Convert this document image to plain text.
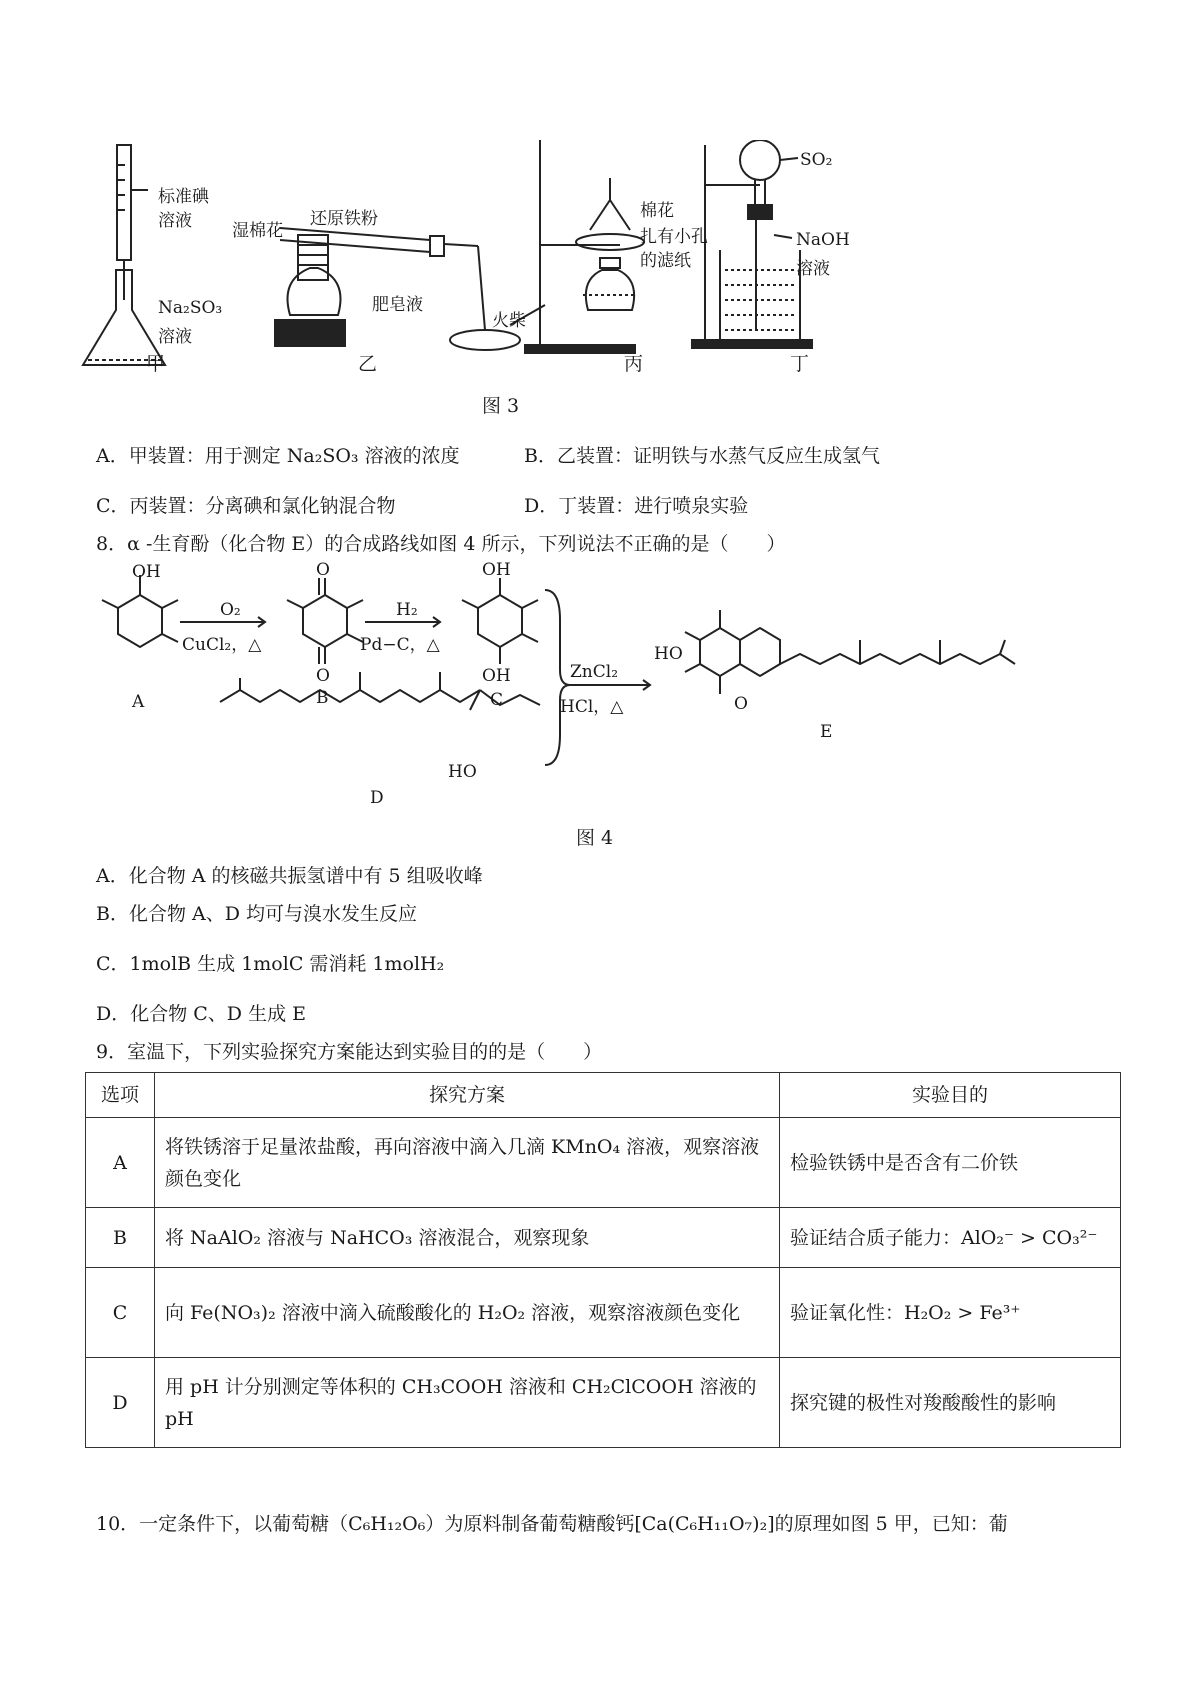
标准碘
溶液
Na₂SO₃
溶液
甲
湿棉花
还原铁粉
肥皂液
火柴
乙
棉花
扎有小孔
的滤纸
丙
SO₂
NaOH
溶液
丁
图 3
A．甲装置：用于测定 Na₂SO₃ 溶液的浓度	B．乙装置：证明铁与水蒸气反应生成氢气
C．丙装置：分离碘和氯化钠混合物	D．丁装置：进行喷泉实验
8．α -生育酚（化合物 E）的合成路线如图 4 所示，下列说法不正确的是（　　）
OH
A
O₂
CuCl₂，△
O
O
B
H₂
Pd−C，△
OH
OH
C
ZnCl₂
HCl，△
HO
D
HO
O
E
图 4
A．化合物 A 的核磁共振氢谱中有 5 组吸收峰
B．化合物 A、D 均可与溴水发生反应
C．1molB 生成 1molC 需消耗 1molH₂
D．化合物 C、D 生成 E
9．室温下，下列实验探究方案能达到实验目的的是（　　）
选项	探究方案	实验目的
A	将铁锈溶于足量浓盐酸，再向溶液中滴入几滴 KMnO₄ 溶液，观察溶液颜色变化	检验铁锈中是否含有二价铁
B	将 NaAlO₂ 溶液与 NaHCO₃ 溶液混合，观察现象	验证结合质子能力：AlO₂⁻ > CO₃²⁻
C	向 Fe(NO₃)₂ 溶液中滴入硫酸酸化的 H₂O₂ 溶液，观察溶液颜色变化	验证氧化性：H₂O₂ > Fe³⁺
D	用 pH 计分别测定等体积的 CH₃COOH 溶液和 CH₂ClCOOH 溶液的 pH	探究键的极性对羧酸酸性的影响
10．一定条件下，以葡萄糖（C₆H₁₂O₆）为原料制备葡萄糖酸钙[Ca(C₆H₁₁O₇)₂]的原理如图 5 甲，已知：葡
